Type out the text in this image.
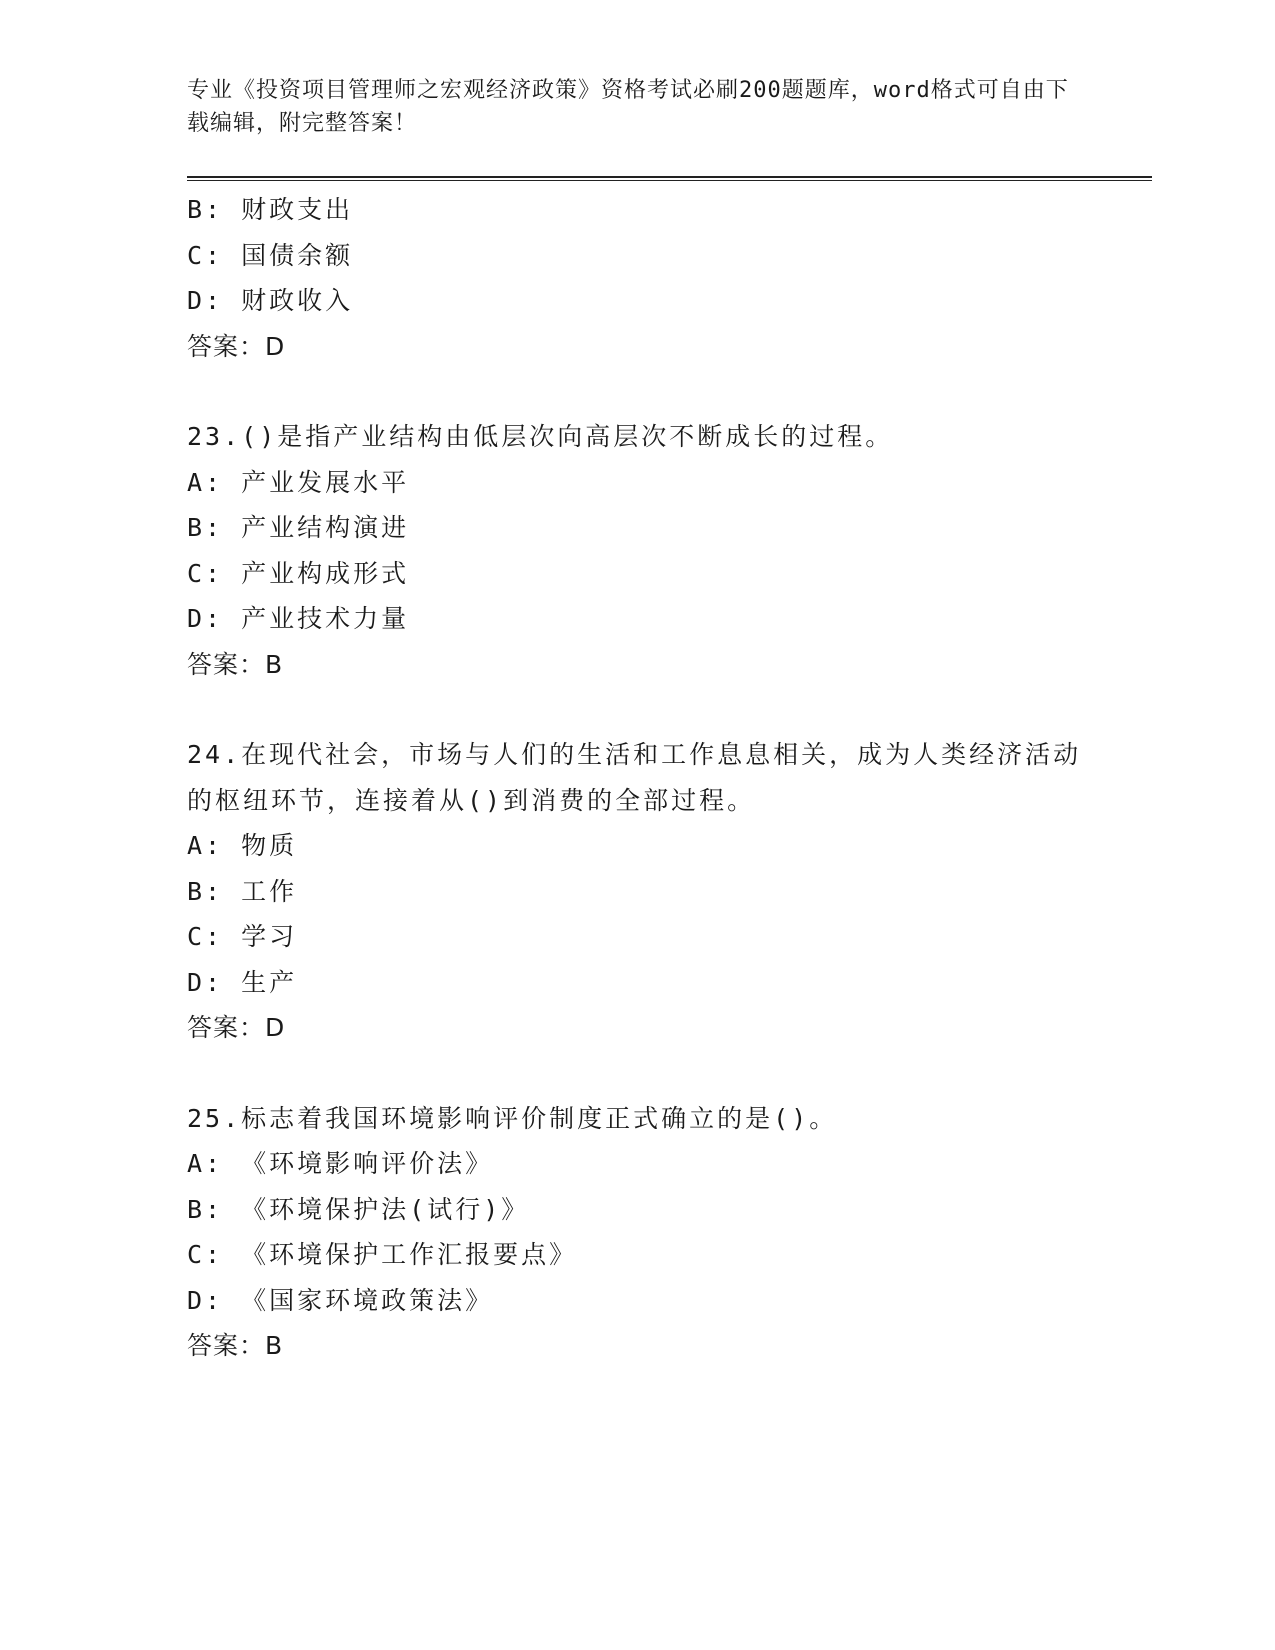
专业《投资项目管理师之宏观经济政策》资格考试必刷200题题库，word格式可自由下载编辑，附完整答案！
B: 财政支出
C: 国债余额
D: 财政收入
答案：D
23.()是指产业结构由低层次向高层次不断成长的过程。
A: 产业发展水平
B: 产业结构演进
C: 产业构成形式
D: 产业技术力量
答案：B
24.在现代社会，市场与人们的生活和工作息息相关，成为人类经济活动的枢纽环节，连接着从()到消费的全部过程。
A: 物质
B: 工作
C: 学习
D: 生产
答案：D
25.标志着我国环境影响评价制度正式确立的是()。
A: 《环境影响评价法》
B: 《环境保护法(试行)》
C: 《环境保护工作汇报要点》
D: 《国家环境政策法》
答案：B
